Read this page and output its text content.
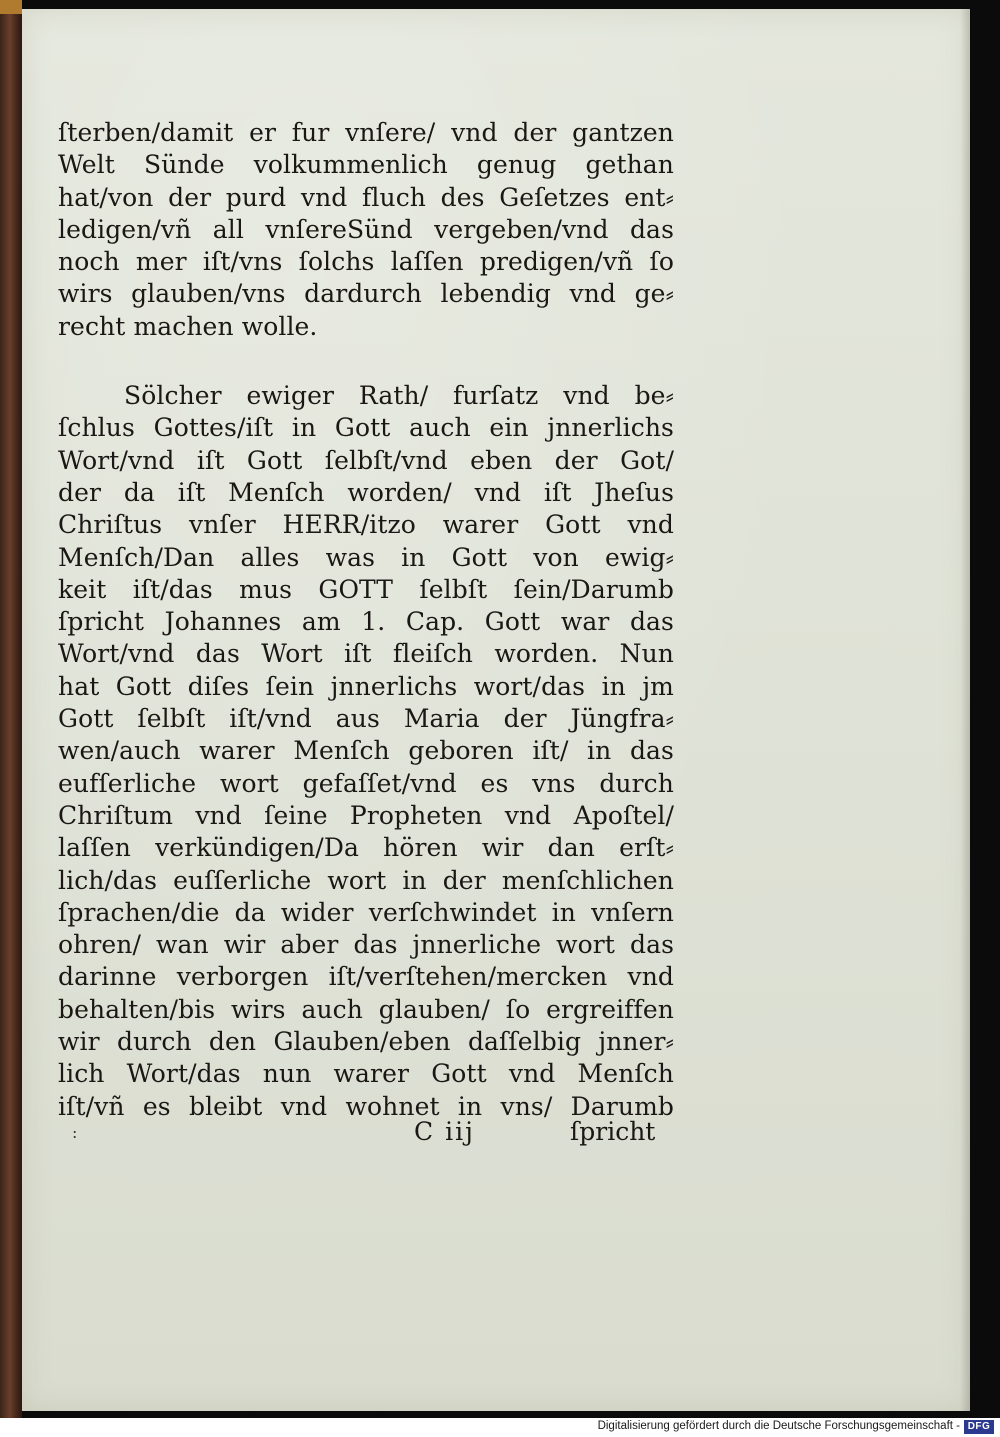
ſterben/damit er fur vnſere/ vnd der gantzen
Welt Sünde volkummenlich genug gethan
hat/von der purd vnd fluch des Geſetzes ent⸗
ledigen/vñ all vnſereSünd vergeben/vnd das
noch mer iſt/vns ſolchs laſſen predigen/vñ ſo
wirs glauben/vns dardurch lebendig vnd ge⸗
recht machen wolle.
Sölcher ewiger Rath/ furſatz vnd be⸗
ſchlus Gottes/iſt in Gott auch ein jnnerlichs
Wort/vnd iſt Gott ſelbſt/vnd eben der Got/
der da iſt Menſch worden/ vnd iſt Jheſus
Chriſtus vnſer HERR/itzo warer Gott vnd
Menſch/Dan alles was in Gott von ewig⸗
keit iſt/das mus GOTT ſelbſt ſein/Darumb
ſpricht Johannes am 1. Cap. Gott war das
Wort/vnd das Wort iſt fleiſch worden. Nun
hat Gott diſes ſein jnnerlichs wort/das in jm
Gott ſelbſt iſt/vnd aus Maria der Jüngfra⸗
wen/auch warer Menſch geboren iſt/ in das
eufſerliche wort gefaſſet/vnd es vns durch
Chriſtum vnd ſeine Propheten vnd Apoſtel/
laſſen verkündigen/Da hören wir dan erſt⸗
lich/das euſſerliche wort in der menſchlichen
ſprachen/die da wider verſchwindet in vnſern
ohren/ wan wir aber das jnnerliche wort das
darinne verborgen iſt/verſtehen/mercken vnd
behalten/bis wirs auch glauben/ ſo ergreiffen
wir durch den Glauben/eben daſſelbig jnner⸗
lich Wort/das nun warer Gott vnd Menſch
iſt/vñ es bleibt vnd wohnet in vns/ Darumb
:	C iij	ſpricht
Digitalisierung gefördert durch die Deutsche Forschungsgemeinschaft - DFG
